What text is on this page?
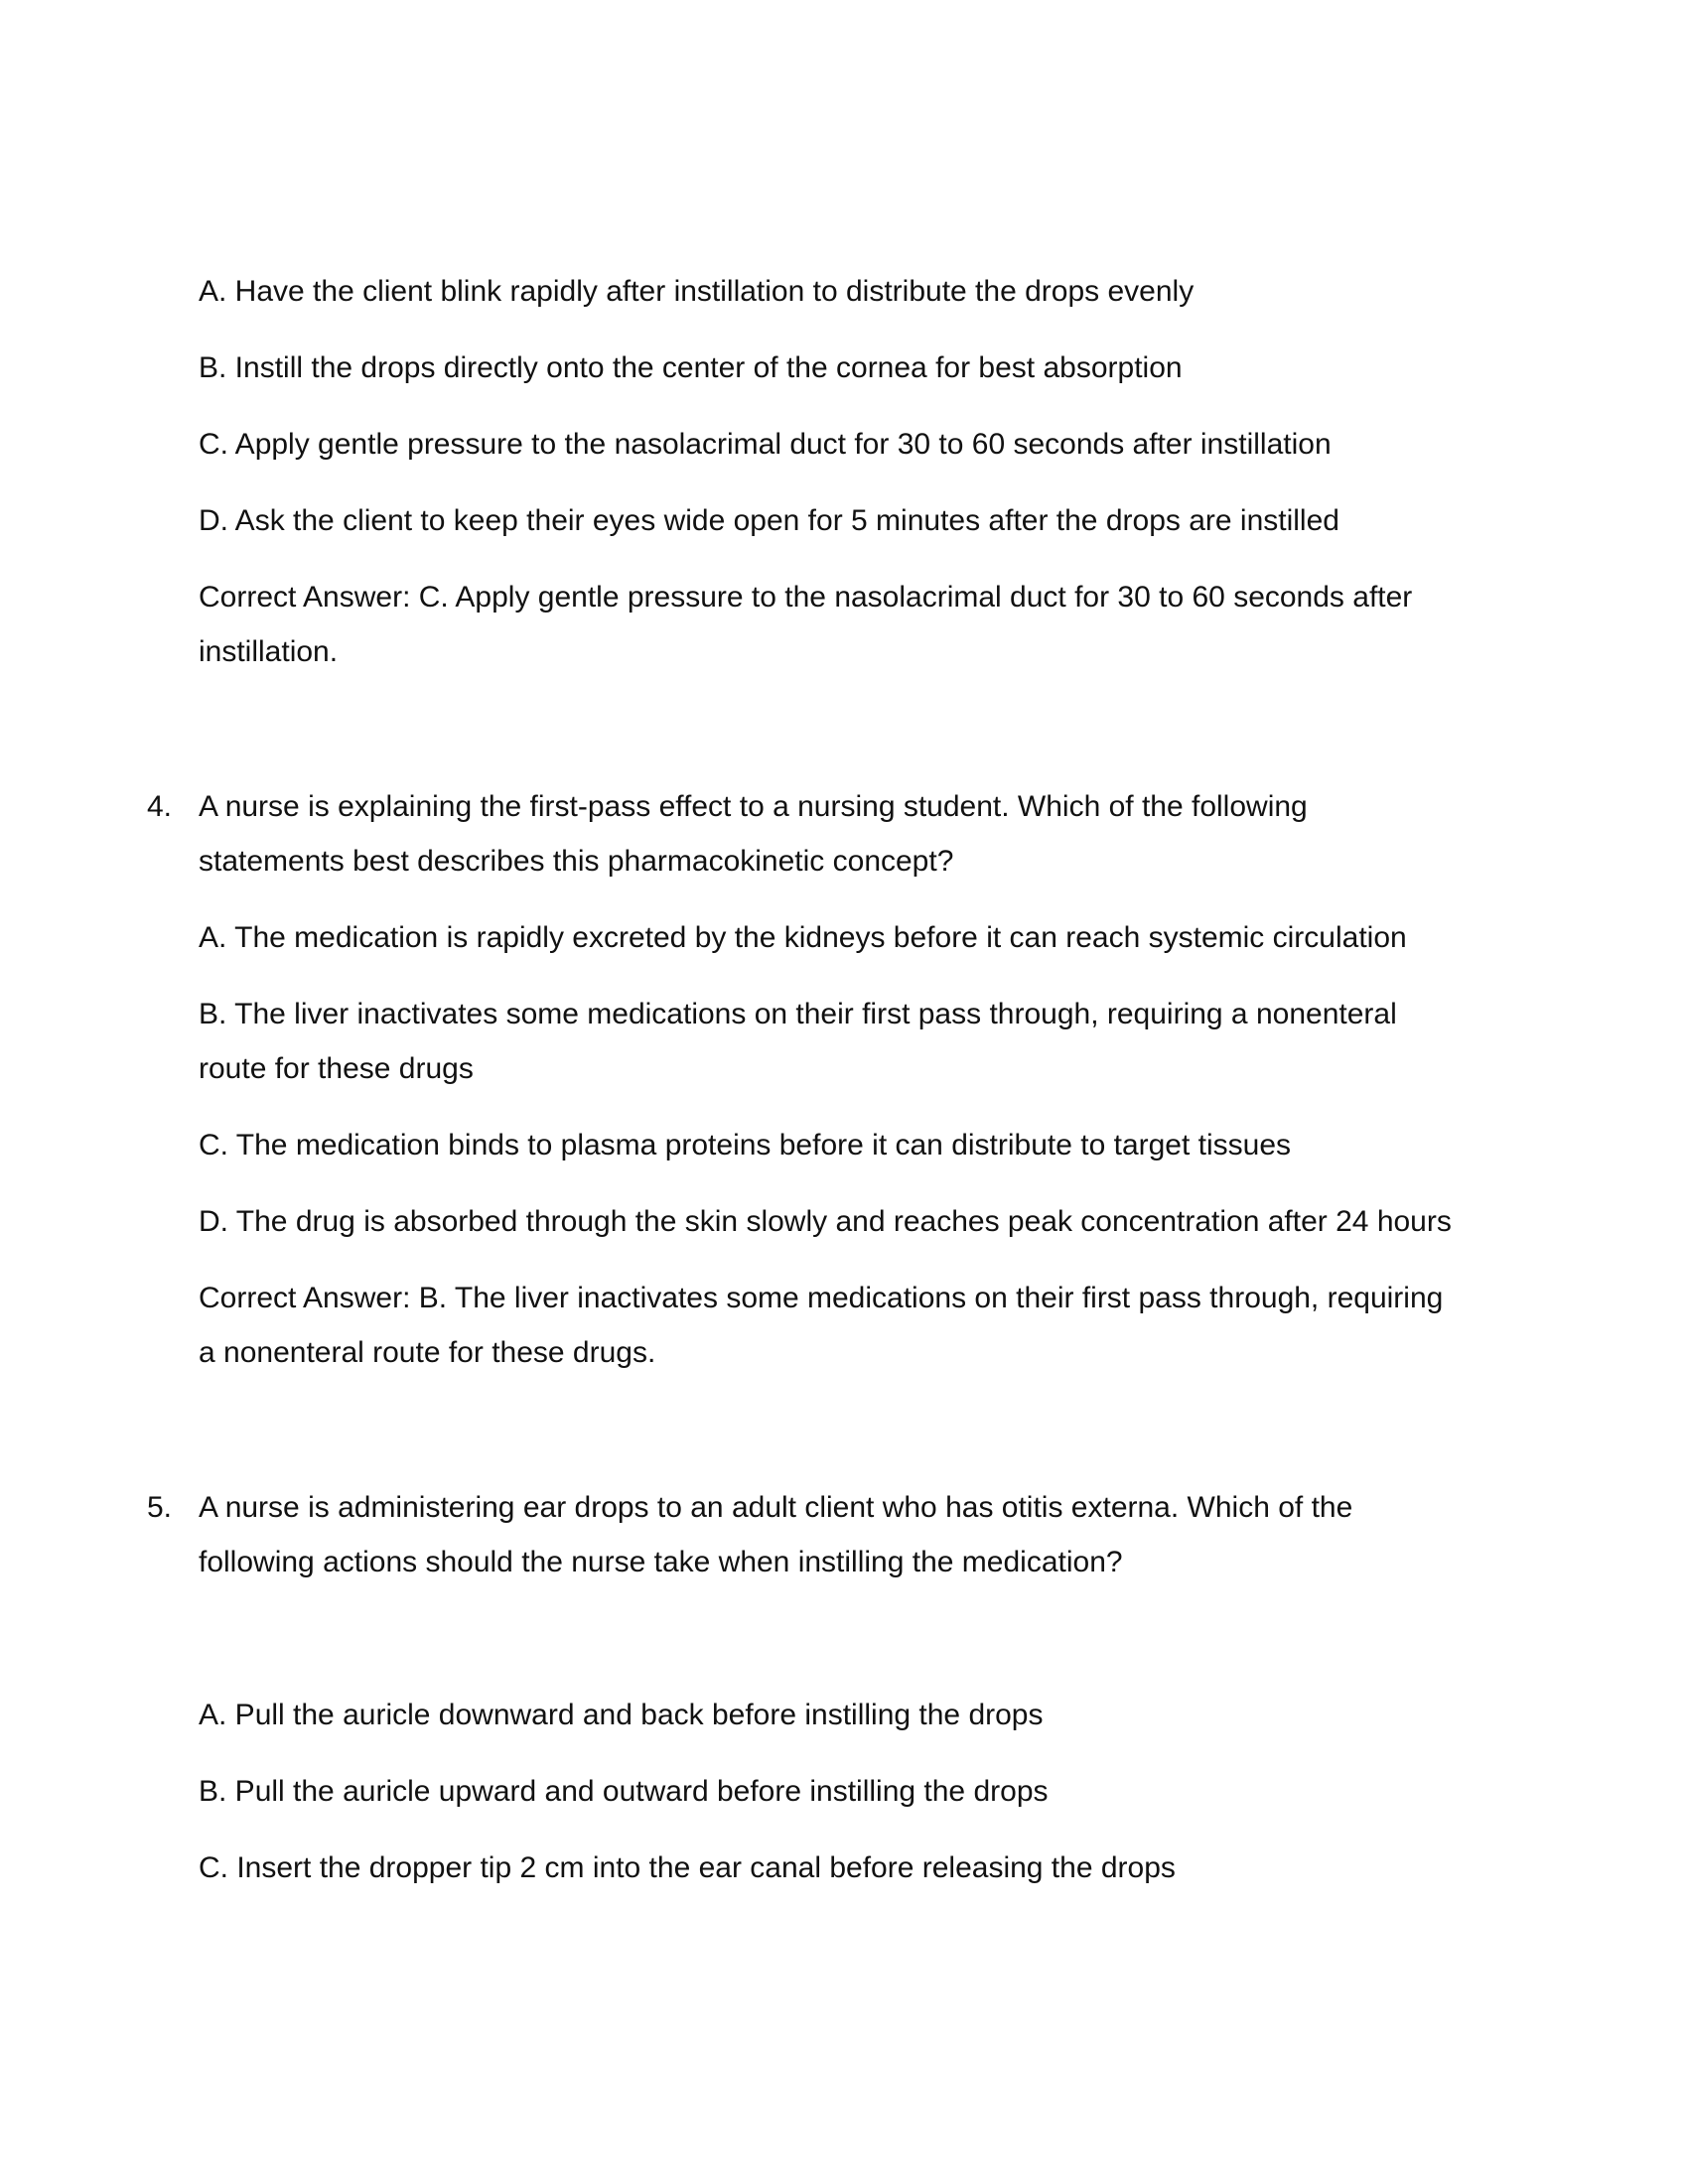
A. Have the client blink rapidly after instillation to distribute the drops evenly
B. Instill the drops directly onto the center of the cornea for best absorption
C. Apply gentle pressure to the nasolacrimal duct for 30 to 60 seconds after instillation
D. Ask the client to keep their eyes wide open for 5 minutes after the drops are instilled
Correct Answer: C. Apply gentle pressure to the nasolacrimal duct for 30 to 60 seconds after
instillation.
4. A nurse is explaining the first-pass effect to a nursing student. Which of the following
statements best describes this pharmacokinetic concept?
A. The medication is rapidly excreted by the kidneys before it can reach systemic circulation
B. The liver inactivates some medications on their first pass through, requiring a nonenteral
route for these drugs
C. The medication binds to plasma proteins before it can distribute to target tissues
D. The drug is absorbed through the skin slowly and reaches peak concentration after 24 hours
Correct Answer: B. The liver inactivates some medications on their first pass through, requiring
a nonenteral route for these drugs.
5. A nurse is administering ear drops to an adult client who has otitis externa. Which of the
following actions should the nurse take when instilling the medication?
A. Pull the auricle downward and back before instilling the drops
B. Pull the auricle upward and outward before instilling the drops
C. Insert the dropper tip 2 cm into the ear canal before releasing the drops
